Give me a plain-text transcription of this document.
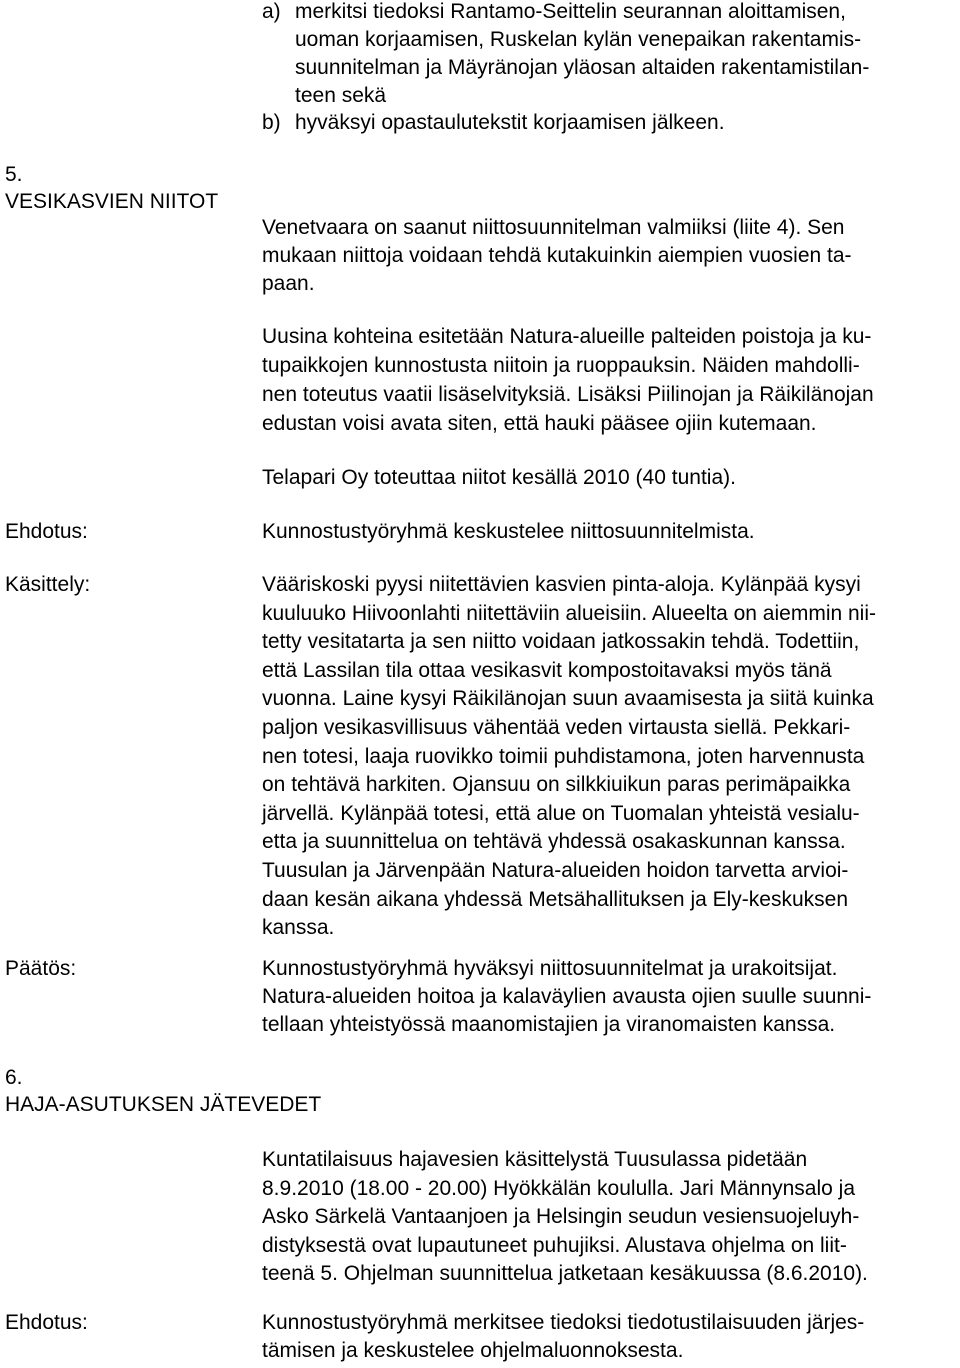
a) merkitsi tiedoksi Rantamo-Seittelin seurannan aloittamisen,
uoman korjaamisen, Ruskelan kylän venepaikan rakentamis-
suunnitelman ja Mäyränojan yläosan altaiden rakentamistilan-
teen sekä
b) hyväksyi opastaulutekstit korjaamisen jälkeen.
5.
VESIKASVIEN NIITOT
Venetvaara on saanut niittosuunnitelman valmiiksi (liite 4). Sen
mukaan niittoja voidaan tehdä kutakuinkin aiempien vuosien ta-
paan.
Uusina kohteina esitetään Natura-alueille palteiden poistoja ja ku-
tupaikkojen kunnostusta niitoin ja ruoppauksin. Näiden mahdolli-
nen toteutus vaatii lisäselvityksiä. Lisäksi Piilinojan ja Räikilänojan
edustan voisi avata siten, että hauki pääsee ojiin kutemaan.
Telapari Oy toteuttaa niitot kesällä 2010 (40 tuntia).
Ehdotus:	Kunnostustyöryhmä keskustelee niittosuunnitelmista.
Käsittely:	Vääriskoski pyysi niitettävien kasvien pinta-aloja. Kylänpää kysyi
kuuluuko Hiivoonlahti niitettäviin alueisiin. Alueelta on aiemmin nii-
tetty vesitatarta ja sen niitto voidaan jatkossakin tehdä. Todettiin,
että Lassilan tila ottaa vesikasvit kompostoitavaksi myös tänä
vuonna. Laine kysyi Räikilänojan suun avaamisesta ja siitä kuinka
paljon vesikasvillisuus vähentää veden virtausta siellä. Pekkari-
nen totesi, laaja ruovikko toimii puhdistamona, joten harvennusta
on tehtävä harkiten. Ojansuu on silkkiuikun paras perimäpaikka
järvellä. Kylänpää totesi, että alue on Tuomalan yhteistä vesialu-
etta ja suunnittelua on tehtävä yhdessä osakaskunnan kanssa.
Tuusulan ja Järvenpään Natura-alueiden hoidon tarvetta arvioi-
daan kesän aikana yhdessä Metsähallituksen ja Ely-keskuksen
kanssa.
Päätös:	Kunnostustyöryhmä hyväksyi niittosuunnitelmat ja urakoitsijat.
Natura-alueiden hoitoa ja kalaväylien avausta ojien suulle suunni-
tellaan yhteistyössä maanomistajien ja viranomaisten kanssa.
6.
HAJA-ASUTUKSEN JÄTEVEDET
Kuntatilaisuus hajavesien käsittelystä Tuusulassa pidetään
8.9.2010 (18.00 - 20.00) Hyökkälän koululla. Jari Männynsalo ja
Asko Särkelä Vantaanjoen ja Helsingin seudun vesiensuojeluyh-
distyksestä ovat lupautuneet puhujiksi. Alustava ohjelma on liit-
teenä 5. Ohjelman suunnittelua jatketaan kesäkuussa (8.6.2010).
Ehdotus:	Kunnostustyöryhmä merkitsee tiedoksi tiedotustilaisuuden järjes-
tämisen ja keskustelee ohjelmaluonnoksesta.
